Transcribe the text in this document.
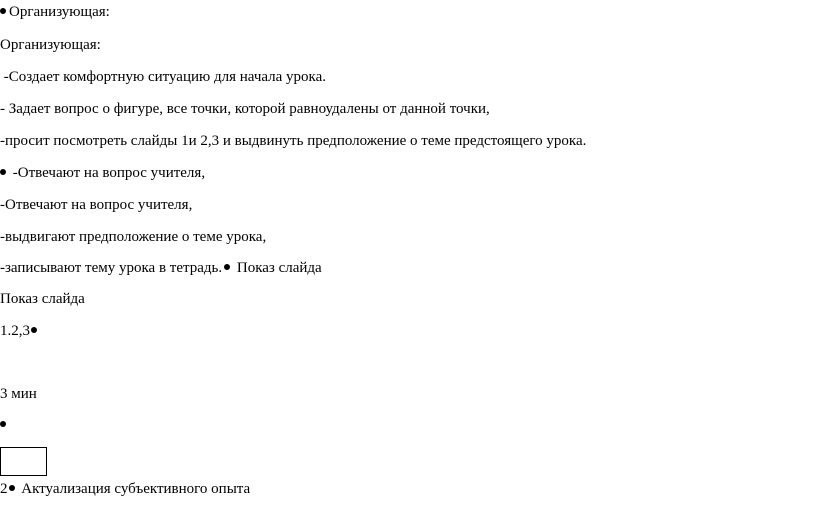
Организующая:
Организующая:
-Создает комфортную ситуацию для начала урока.
- Задает вопрос о фигуре, все точки, которой равноудалены от данной точки,
-просит посмотреть слайды 1и 2,3 и выдвинуть предположение о теме предстоящего урока.
-Отвечают на вопрос учителя,
-Отвечают на вопрос учителя,
-выдвигают предположение о теме урока,
-записывают тему урока в тетрадь. Показ слайда
Показ слайда
1.2,3
3 мин
2 Актуализация субъективного опыта
